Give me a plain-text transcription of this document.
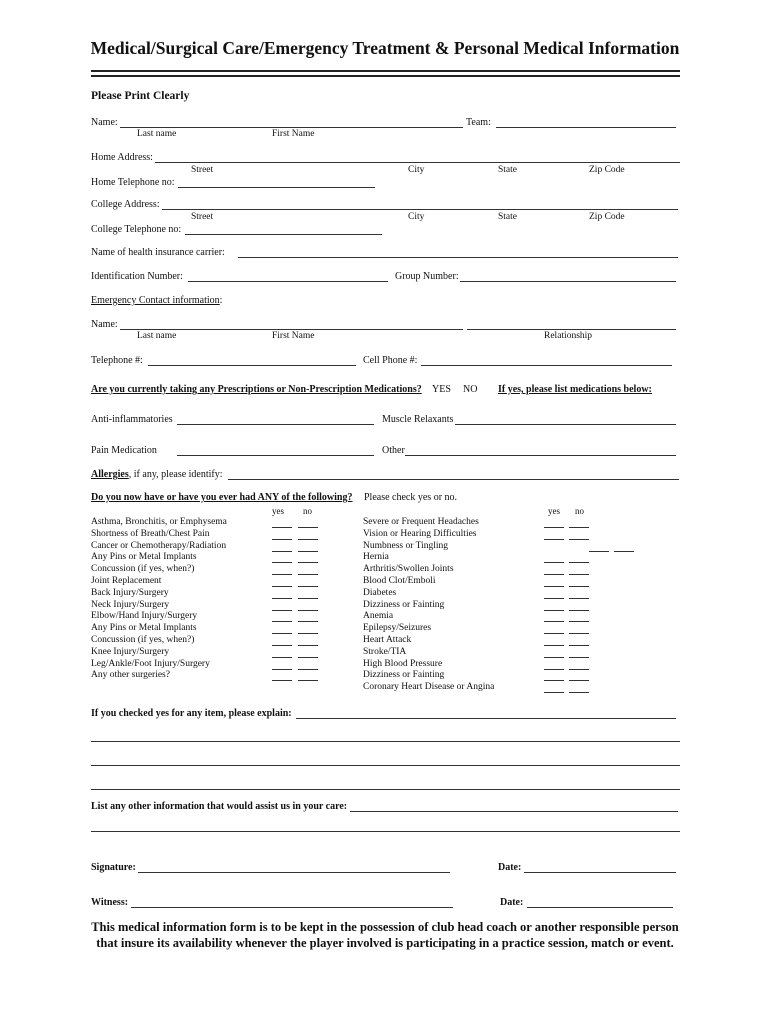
Medical/Surgical Care/Emergency Treatment & Personal Medical Information
Please Print Clearly
Name:	Team:
Last name	First Name
Home Address:
Street	City	State	Zip Code
Home Telephone no:
College Address:
Street	City	State	Zip Code
College Telephone no:
Name of health insurance carrier:
Identification Number:	Group Number:
Emergency Contact information:
Name:
Last name	First Name	Relationship
Telephone #:	Cell Phone #:
Are you currently taking any Prescriptions or Non-Prescription Medications? YES NO If yes, please list medications below:
Anti-inflammatories	Muscle Relaxants
Pain Medication	Other
Allergies, if any, please identify:
Do you now have or have you ever had ANY of the following? Please check yes or no.
yes no	yes no
Asthma, Bronchitis, or Emphysema
Shortness of Breath/Chest Pain
Cancer or Chemotherapy/Radiation
Any Pins or Metal Implants
Concussion (if yes, when?)
Joint Replacement
Back Injury/Surgery
Neck Injury/Surgery
Elbow/Hand Injury/Surgery
Any Pins or Metal Implants
Concussion (if yes, when?)
Knee Injury/Surgery
Leg/Ankle/Foot Injury/Surgery
Any other surgeries?
Severe or Frequent Headaches
Vision or Hearing Difficulties
Numbness or Tingling
Hernia
Arthritis/Swollen Joints
Blood Clot/Emboli
Diabetes
Dizziness or Fainting
Anemia
Epilepsy/Seizures
Heart Attack
Stroke/TIA
High Blood Pressure
Dizziness or Fainting
Coronary Heart Disease or Angina
If you checked yes for any item, please explain:
List any other information that would assist us in your care:
Signature:	Date:
Witness:	Date:
This medical information form is to be kept in the possession of club head coach or another responsible person
that insure its availability whenever the player involved is participating in a practice session, match or event.
